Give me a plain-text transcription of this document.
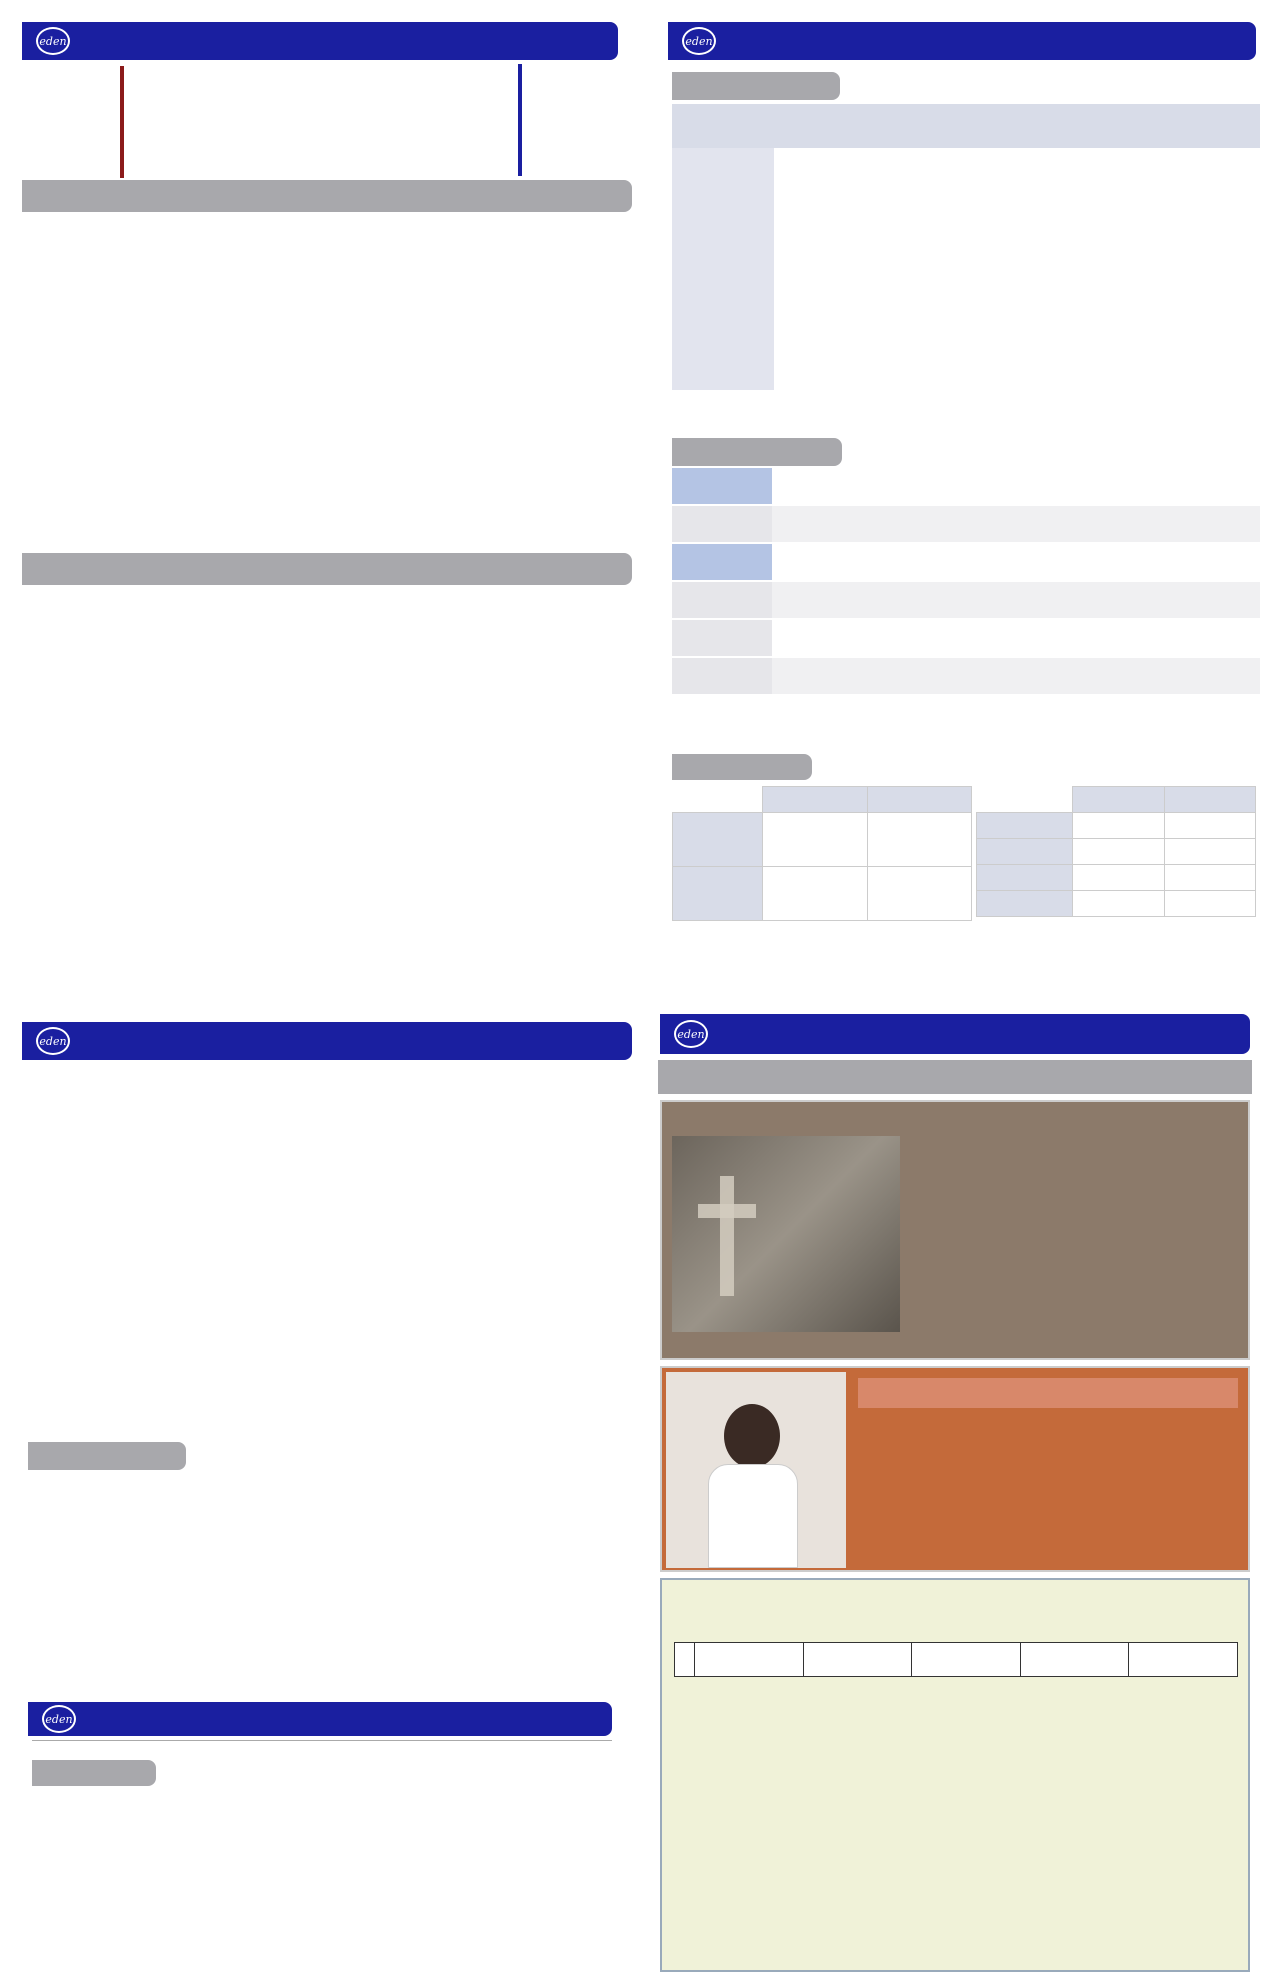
eden	eden

eden
eden
eden
